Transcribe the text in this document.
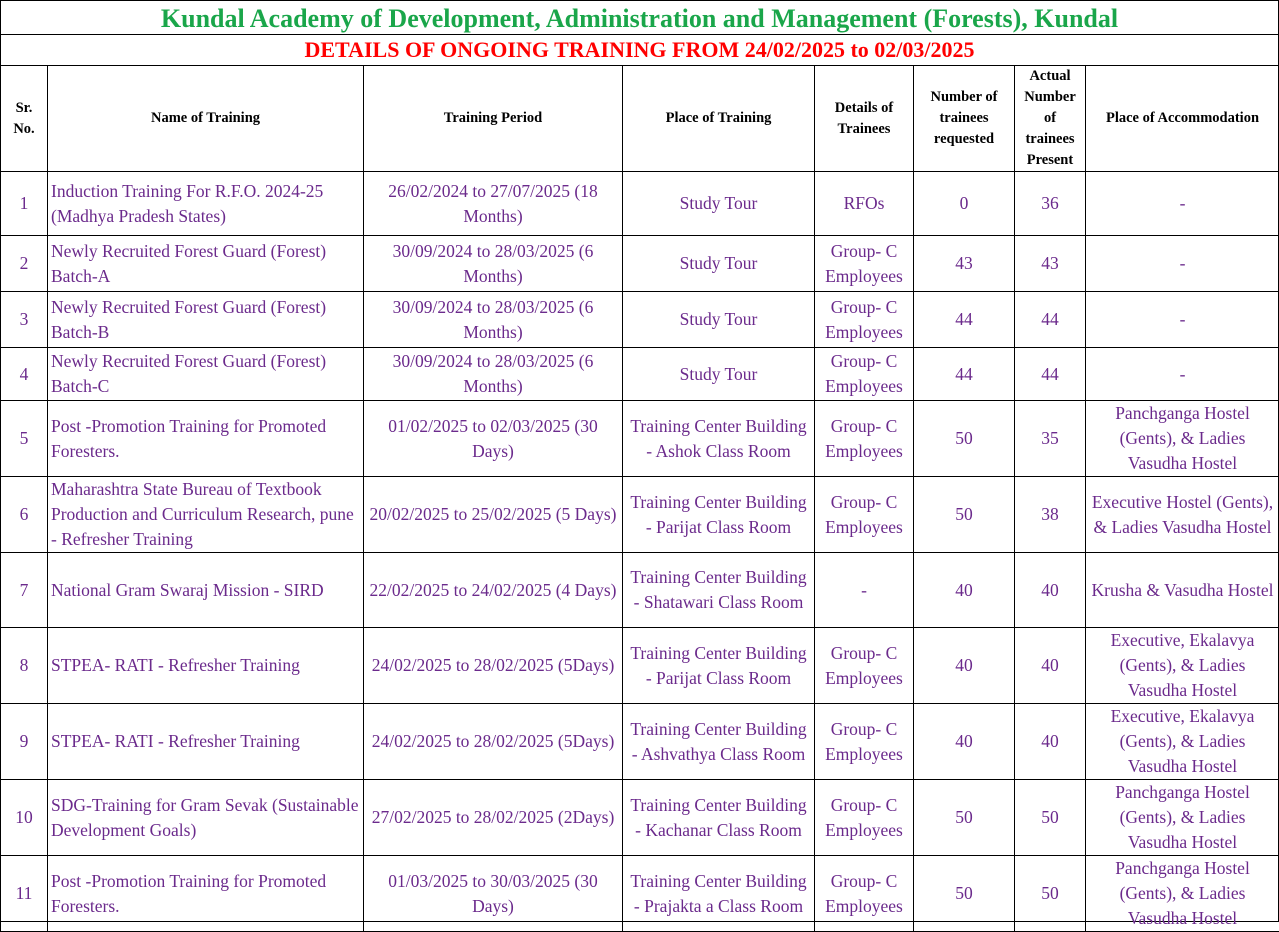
Kundal Academy of Development, Administration and Management (Forests), Kundal
DETAILS OF ONGOING TRAINING FROM 24/02/2025 to 02/03/2025
Sr. No.	Name of Training	Training Period	Place of Training	Details of Trainees	Number of trainees requested	Actual Number of trainees Present	Place of Accommodation
1	Induction Training For R.F.O. 2024-25 (Madhya Pradesh States)	26/02/2024 to 27/07/2025 (18 Months)	Study Tour	RFOs	0	36	-
2	Newly Recruited Forest Guard (Forest) Batch-A	30/09/2024 to 28/03/2025 (6 Months)	Study Tour	Group- C Employees	43	43	-
3	Newly Recruited Forest Guard (Forest) Batch-B	30/09/2024 to 28/03/2025 (6 Months)	Study Tour	Group- C Employees	44	44	-
4	Newly Recruited Forest Guard (Forest) Batch-C	30/09/2024 to 28/03/2025 (6 Months)	Study Tour	Group- C Employees	44	44	-
5	Post -Promotion Training for Promoted Foresters.	01/02/2025 to 02/03/2025 (30 Days)	Training Center Building - Ashok Class Room	Group- C Employees	50	35	Panchganga Hostel (Gents), & Ladies Vasudha Hostel
6	Maharashtra State Bureau of Textbook Production and Curriculum Research, pune - Refresher Training	20/02/2025 to 25/02/2025 (5 Days)	Training Center Building - Parijat Class Room	Group- C Employees	50	38	Executive Hostel (Gents), & Ladies Vasudha Hostel
7	National Gram Swaraj Mission - SIRD	22/02/2025 to 24/02/2025 (4 Days)	Training Center Building - Shatawari Class Room	-	40	40	Krusha & Vasudha Hostel
8	STPEA- RATI - Refresher Training	24/02/2025 to 28/02/2025 (5Days)	Training Center Building - Parijat Class Room	Group- C Employees	40	40	Executive, Ekalavya (Gents), & Ladies Vasudha Hostel
9	STPEA- RATI - Refresher Training	24/02/2025 to 28/02/2025 (5Days)	Training Center Building - Ashvathya Class Room	Group- C Employees	40	40	Executive, Ekalavya (Gents), & Ladies Vasudha Hostel
10	SDG-Training for Gram Sevak (Sustainable Development Goals)	27/02/2025 to 28/02/2025 (2Days)	Training Center Building - Kachanar Class Room	Group- C Employees	50	50	Panchganga Hostel (Gents), & Ladies Vasudha Hostel
11	Post -Promotion Training for Promoted Foresters.	01/03/2025 to 30/03/2025 (30 Days)	Training Center Building - Prajakta a Class Room	Group- C Employees	50	50	Panchganga Hostel (Gents), & Ladies Vasudha Hostel
